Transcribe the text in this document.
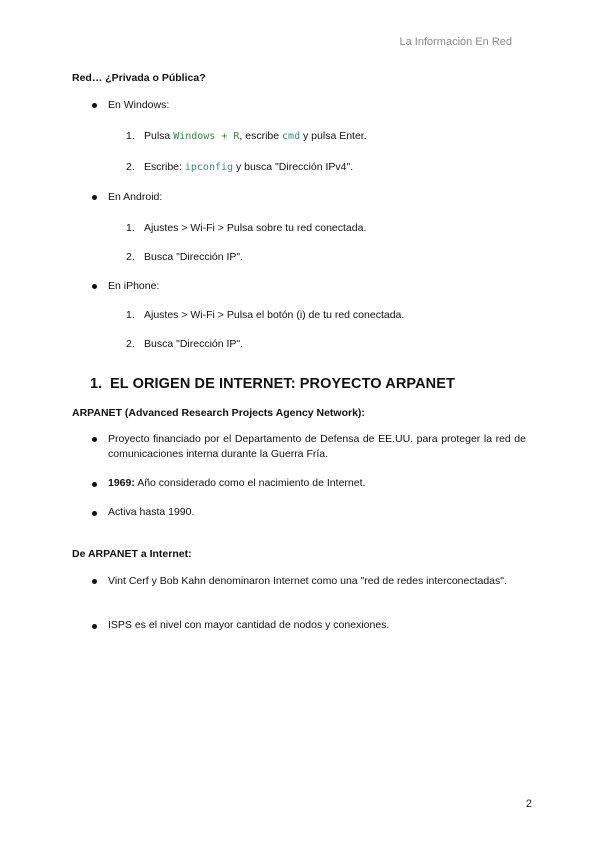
La Información En Red
Red… ¿Privada o Pública?
En Windows:
1. Pulsa Windows + R, escribe cmd y pulsa Enter.
2. Escribe: ipconfig y busca "Dirección IPv4".
En Android:
1. Ajustes > Wi-Fi > Pulsa sobre tu red conectada.
2. Busca "Dirección IP".
En iPhone:
1. Ajustes > Wi-Fi > Pulsa el botón (i) de tu red conectada.
2. Busca "Dirección IP".
1. EL ORIGEN DE INTERNET: PROYECTO ARPANET
ARPANET (Advanced Research Projects Agency Network):
Proyecto financiado por el Departamento de Defensa de EE.UU. para proteger la red de comunicaciones interna durante la Guerra Fría.
1969: Año considerado como el nacimiento de Internet.
Activa hasta 1990.
De ARPANET a Internet:
Vint Cerf y Bob Kahn denominaron Internet como una "red de redes interconectadas".
ISPS es el nivel con mayor cantidad de nodos y conexiones.
2
